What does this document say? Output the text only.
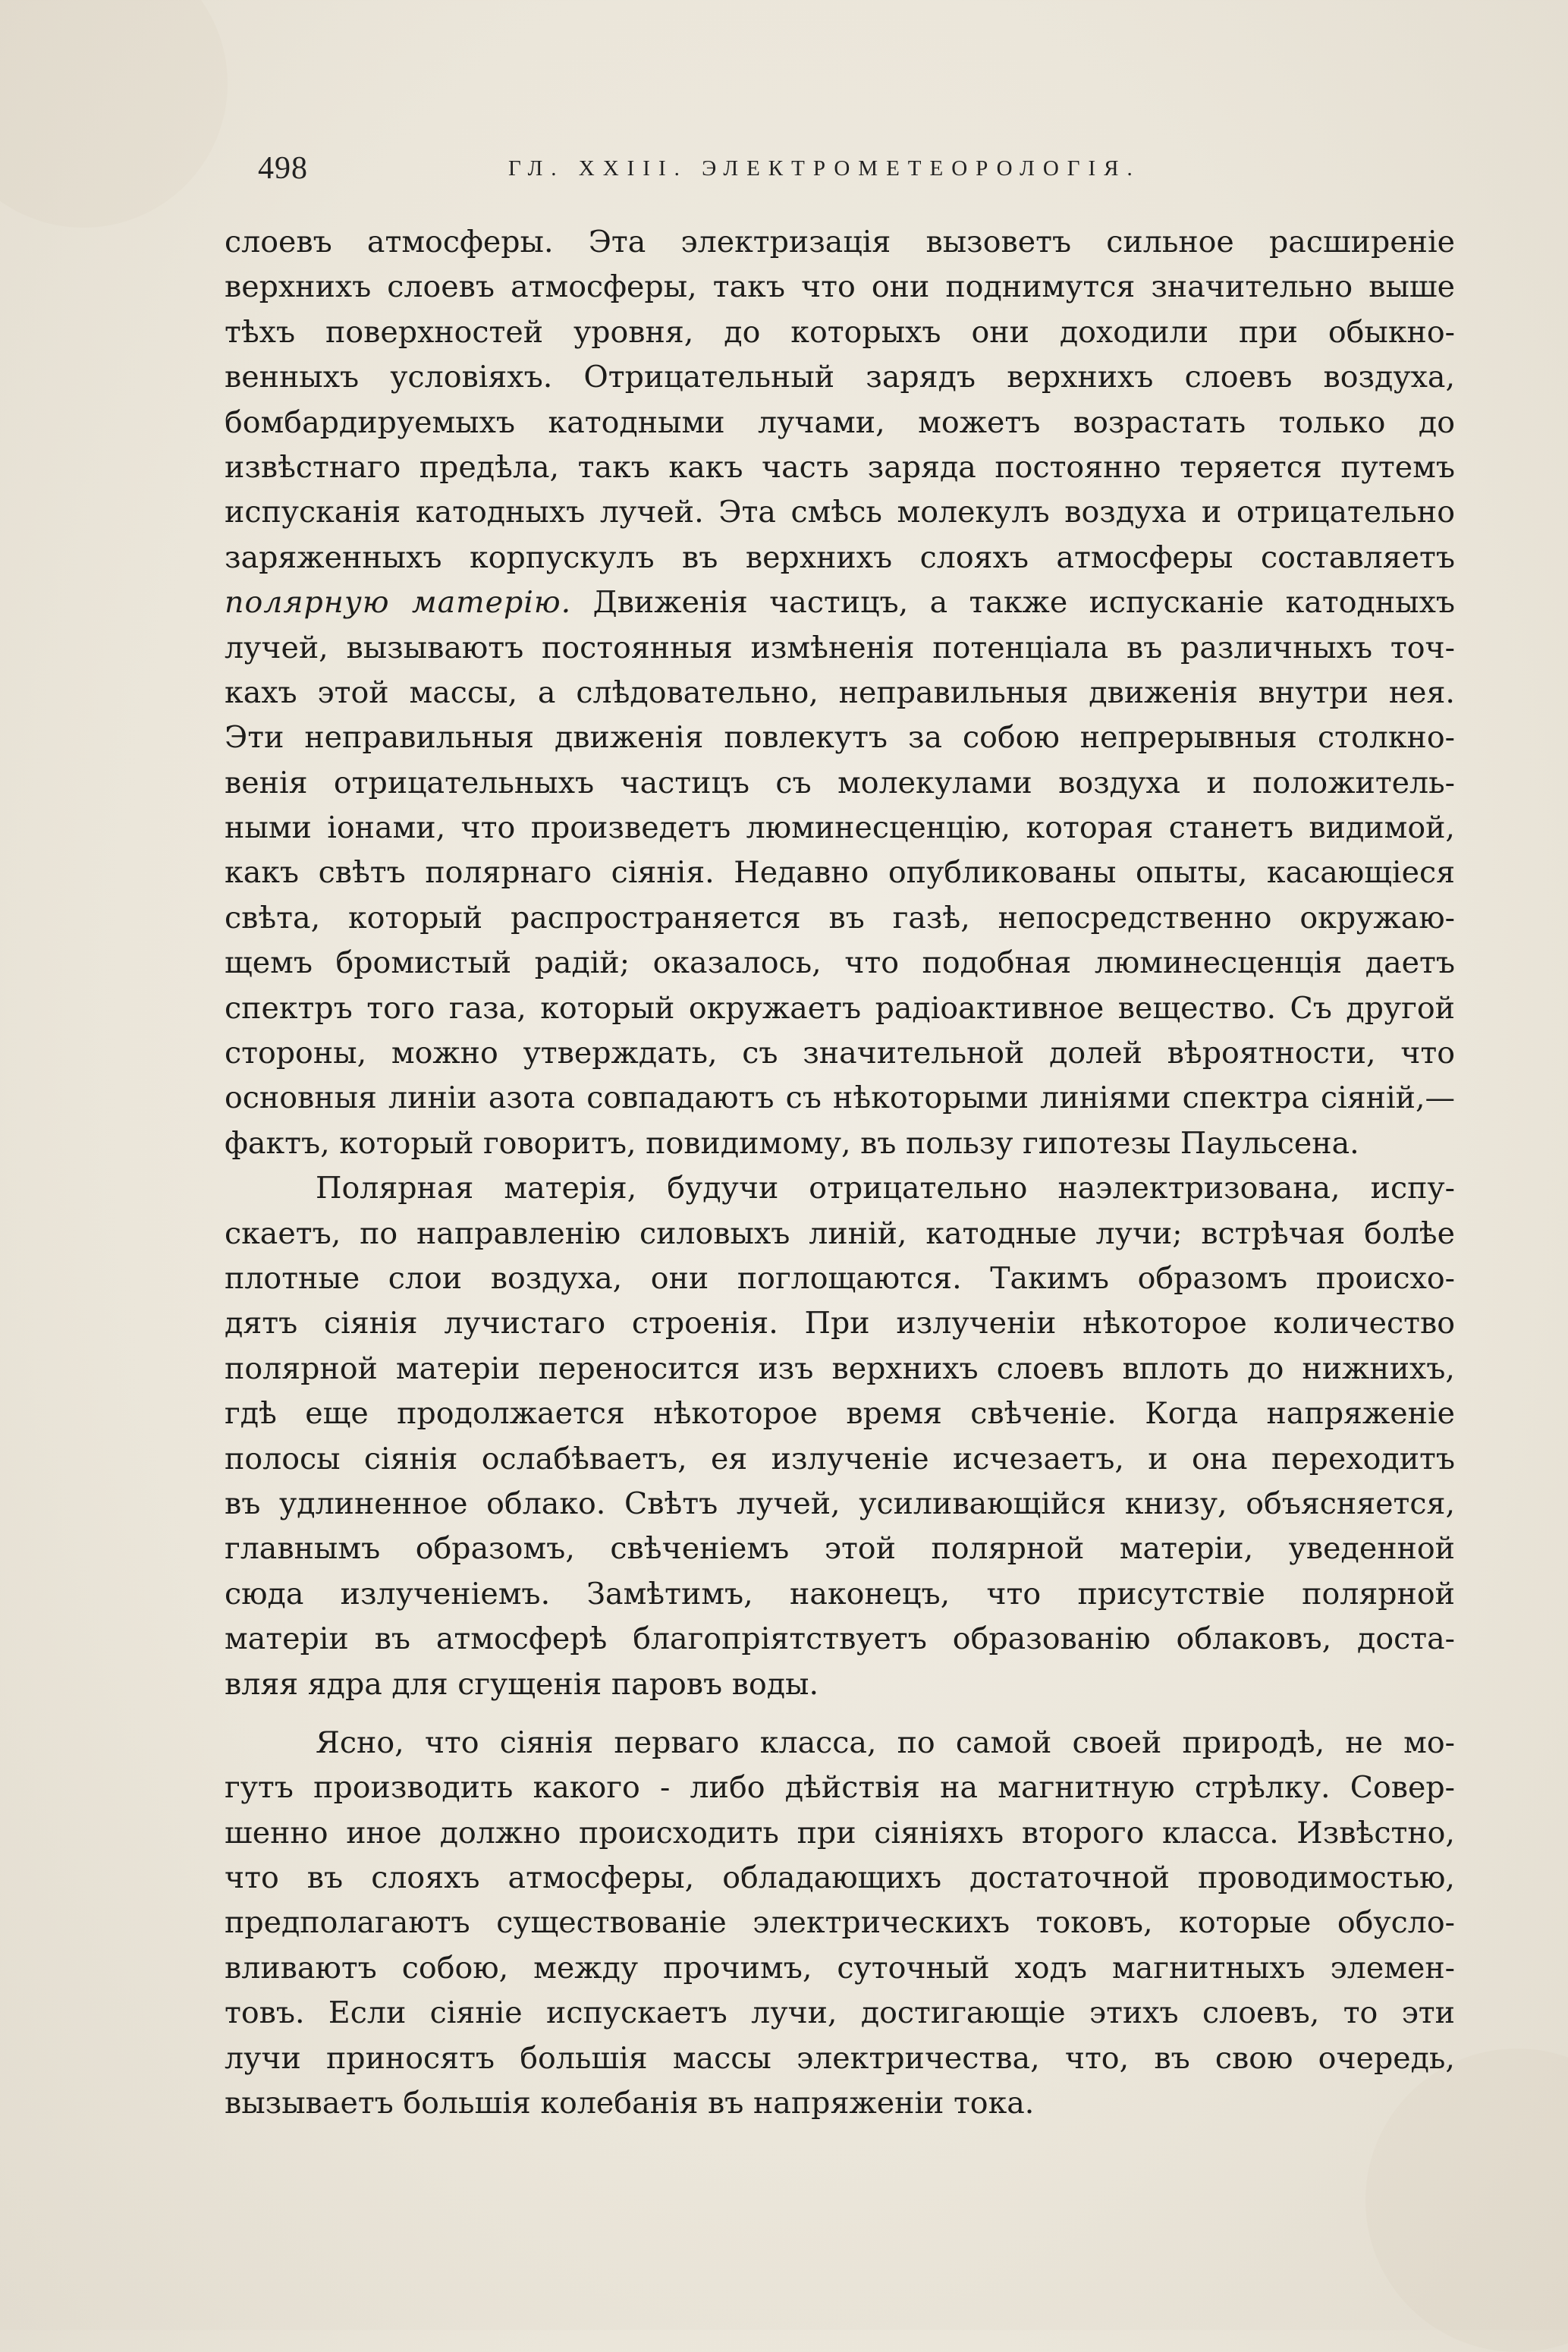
498	ГЛ. XXIII. ЭЛЕКТРОМЕТЕОРОЛОГІЯ.
слоевъ атмосферы. Эта электризація вызоветъ сильное расширеніе
верхнихъ слоевъ атмосферы, такъ что они поднимутся значительно выше
тѣхъ поверхностей уровня, до которыхъ они доходили при обыкно-
венныхъ условіяхъ. Отрицательный зарядъ верхнихъ слоевъ воздуха,
бомбардируемыхъ катодными лучами, можетъ возрастать только до
извѣстнаго предѣла, такъ какъ часть заряда постоянно теряется путемъ
испусканія катодныхъ лучей. Эта смѣсь молекулъ воздуха и отрицательно
заряженныхъ корпускулъ въ верхнихъ слояхъ атмосферы составляетъ
полярную матерію. Движенія частицъ, а также испусканіе катодныхъ
лучей, вызываютъ постоянныя измѣненія потенціала въ различныхъ точ-
кахъ этой массы, а слѣдовательно, неправильныя движенія внутри нея.
Эти неправильныя движенія повлекутъ за собою непрерывныя столкно-
венія отрицательныхъ частицъ съ молекулами воздуха и положитель-
ными іонами, что произведетъ люминесценцію, которая станетъ видимой,
какъ свѣтъ полярнаго сіянія. Недавно опубликованы опыты, касающіеся
свѣта, который распространяется въ газѣ, непосредственно окружаю-
щемъ бромистый радій; оказалось, что подобная люминесценція даетъ
спектръ того газа, который окружаетъ радіоактивное вещество. Съ другой
стороны, можно утверждать, съ значительной долей вѣроятности, что
основныя линіи азота совпадаютъ съ нѣкоторыми линіями спектра сіяній,—
фактъ, который говоритъ, повидимому, въ пользу гипотезы Паульсена.
Полярная матерія, будучи отрицательно наэлектризована, испу-
скаетъ, по направленію силовыхъ линій, катодные лучи; встрѣчая болѣе
плотные слои воздуха, они поглощаются. Такимъ образомъ происхо-
дятъ сіянія лучистаго строенія. При излученіи нѣкоторое количество
полярной матеріи переносится изъ верхнихъ слоевъ вплоть до нижнихъ,
гдѣ еще продолжается нѣкоторое время свѣченіе. Когда напряженіе
полосы сіянія ослабѣваетъ, ея излученіе исчезаетъ, и она переходитъ
въ удлиненное облако. Свѣтъ лучей, усиливающійся книзу, объясняется,
главнымъ образомъ, свѣченіемъ этой полярной матеріи, уведенной
сюда излученіемъ. Замѣтимъ, наконецъ, что присутствіе полярной
матеріи въ атмосферѣ благопріятствуетъ образованію облаковъ, доста-
вляя ядра для сгущенія паровъ воды.
Ясно, что сіянія перваго класса, по самой своей природѣ, не мо-
гутъ производить какого - либо дѣйствія на магнитную стрѣлку. Совер-
шенно иное должно происходить при сіяніяхъ второго класса. Извѣстно,
что въ слояхъ атмосферы, обладающихъ достаточной проводимостью,
предполагаютъ существованіе электрическихъ токовъ, которые обусло-
вливаютъ собою, между прочимъ, суточный ходъ магнитныхъ элемен-
товъ. Если сіяніе испускаетъ лучи, достигающіе этихъ слоевъ, то эти
лучи приносятъ большія массы электричества, что, въ свою очередь,
вызываетъ большія колебанія въ напряженіи тока.
